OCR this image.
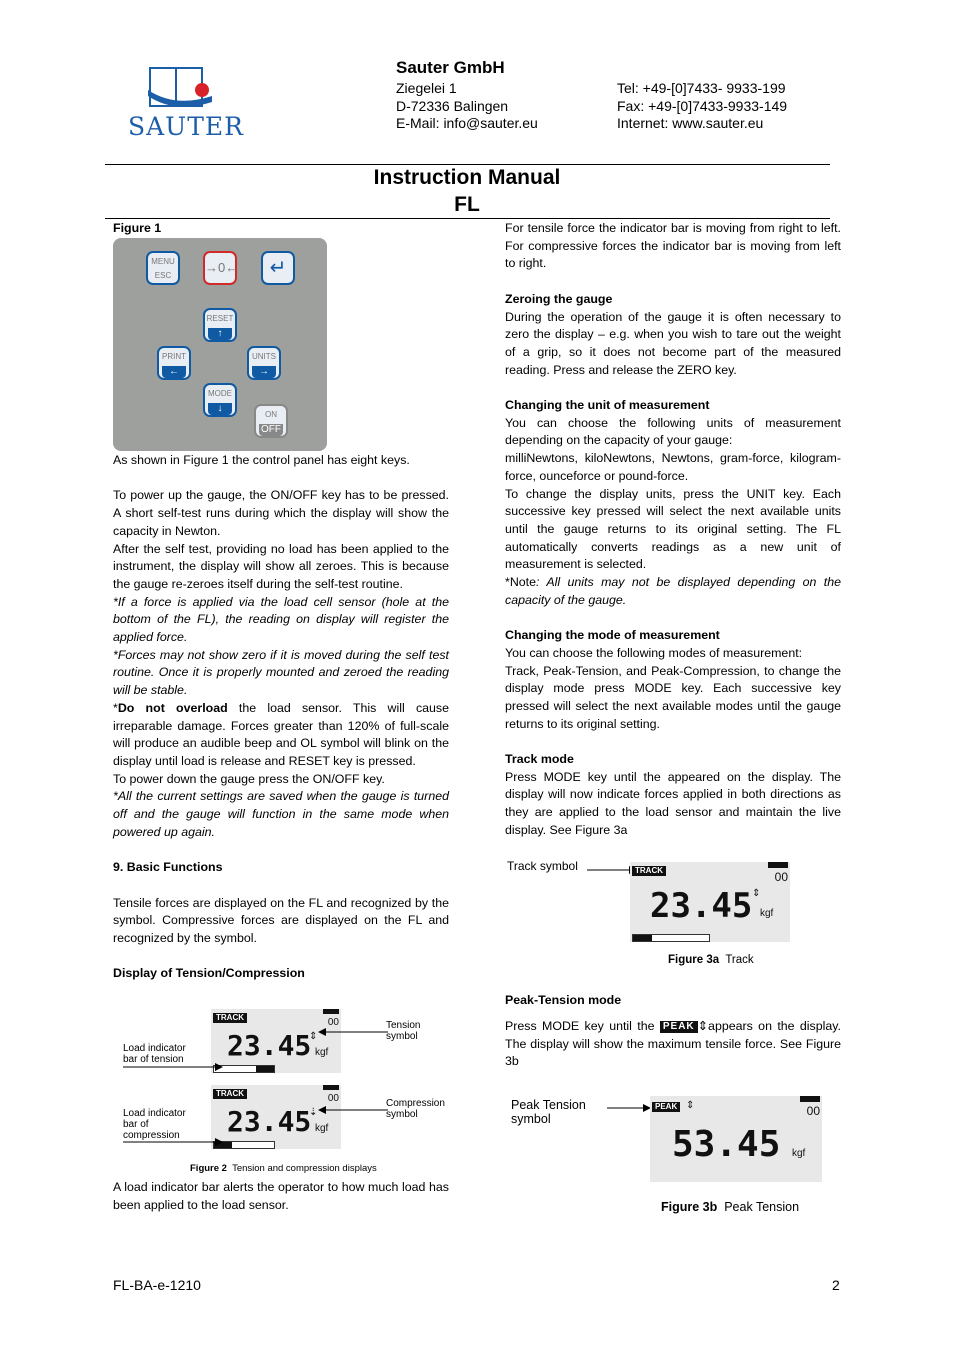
SAUTER
Sauter GmbH
Ziegelei 1
D-72336 Balingen
E-Mail: info@sauter.eu
Tel: +49-[0]7433- 9933-199
Fax: +49-[0]7433-9933-149
Internet: www.sauter.eu
Instruction Manual
FL
Figure 1
MENU
ESC
→0←	↵
RESET
↑
PRINT
←
UNITS
→
MODE
↓
ON
OFF

As shown in Figure 1 the control panel has eight keys.

To power up the gauge, the ON/OFF key has to be pressed. A short self-test runs during which the display will show the capacity in Newton.

After the self test, providing no load has been applied to the instrument, the display will show all zeroes. This is because the gauge re-zeroes itself during the self-test routine.

*If a force is applied via the load cell sensor (hole at the bottom of the FL), the reading on display will register the applied force.

*Forces may not show zero if it is moved during the self test routine. Once it is properly mounted and zeroed the reading will be stable.

*Do not overload the load sensor. This will cause irreparable damage. Forces greater than 120% of full-scale will produce an audible beep and OL symbol will blink on the display until load is release and RESET key is pressed.

To power down the gauge press the ON/OFF key.

*All the current settings are saved when the gauge is turned off and the gauge will function in the same mode when powered up again.

9. Basic Functions

Tensile forces are displayed on the FL and recognized by the symbol. Compressive forces are displayed on the FL and recognized by the symbol.

Display of Tension/Compression

TRACK	00
23.45
⇕
kgf
Load indicator
bar of tension
Tension
symbol
TRACK	00
23.45
⇣
kgf
Load indicator
bar of
compression
Compression
symbol
Figure 2 Tension and compression displays
A load indicator bar alerts the operator to how much load has been applied to the load sensor.

For tensile force the indicator bar is moving from right to left. For compressive forces the indicator bar is moving from left to right.

Zeroing the gauge

During the operation of the gauge it is often necessary to zero the display – e.g. when you wish to tare out the weight of a grip, so it does not become part of the measured reading. Press and release the ZERO key.

Changing the unit of measurement

You can choose the following units of measurement depending on the capacity of your gauge:

milliNewtons, kiloNewtons, Newtons, gram-force, kilogram-force, ounceforce or pound-force.

To change the display units, press the UNIT key. Each successive key pressed will select the next available units until the gauge returns to its original setting. The FL automatically converts readings as a new unit of measurement is selected.

*Note: All units may not be displayed depending on the capacity of the gauge.

Changing the mode of measurement

You can choose the following modes of measurement:

Track, Peak-Tension, and Peak-Compression, to change the display mode press MODE key. Each successive key pressed will select the next available modes until the gauge returns to its original setting.

Track mode

Press MODE key until the appeared on the display. The display will now indicate forces applied in both directions as they are applied to the load sensor and maintain the live display. See Figure 3a

Track symbol	TRACK	00
23.45 ⇕
kgf
Figure 3a Track
Peak-Tension mode
Press MODE key until the PEAK ⇕appears on the display. The display will show the maximum tensile force. See Figure 3b
Peak Tension
symbol
PEAK ⇕	00
53.45 kgf
Figure 3b Peak Tension
FL-BA-e-1210	2
